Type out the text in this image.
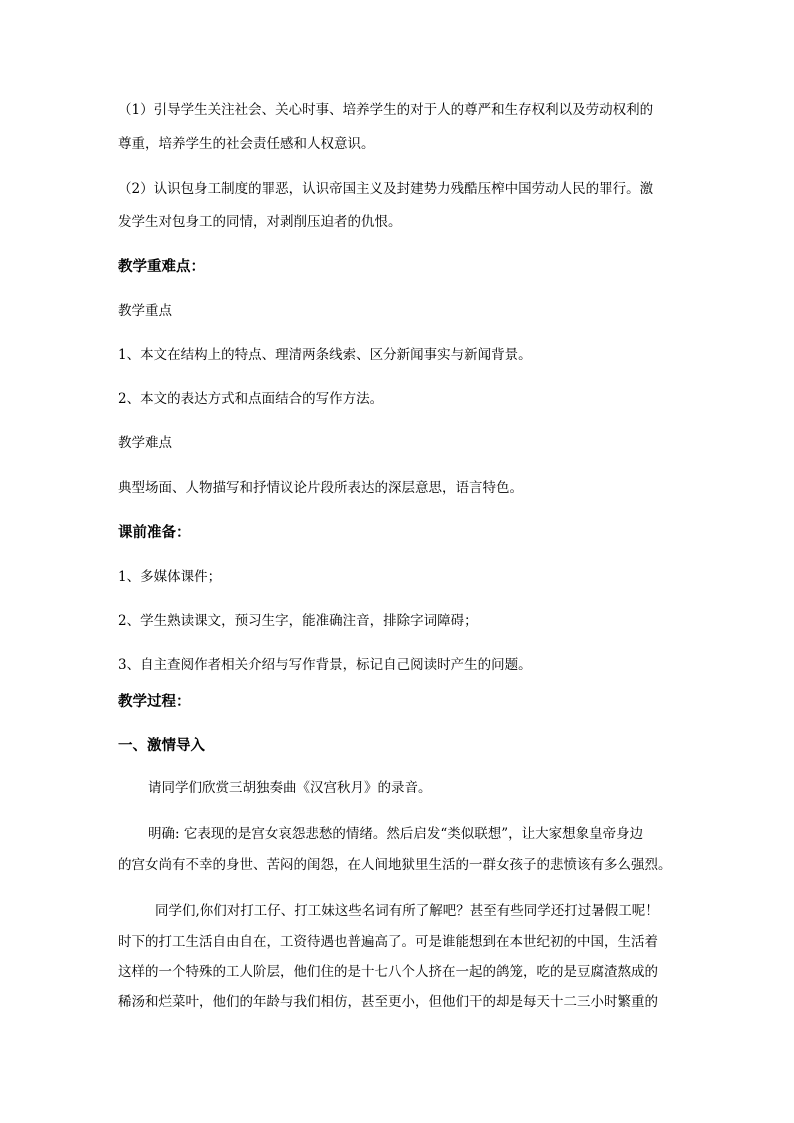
（1）引导学生关注社会、关心时事、培养学生的对于人的尊严和生存权利以及劳动权利的
尊重，培养学生的社会责任感和人权意识。
（2）认识包身工制度的罪恶，认识帝国主义及封建势力残酷压榨中国劳动人民的罪行。激
发学生对包身工的同情，对剥削压迫者的仇恨。
教学重难点：
教学重点
1、本文在结构上的特点、理清两条线索、区分新闻事实与新闻背景。
2、本文的表达方式和点面结合的写作方法。
教学难点
典型场面、人物描写和抒情议论片段所表达的深层意思，语言特色。
课前准备：
1、多媒体课件；
2、学生熟读课文，预习生字，能准确注音，排除字词障碍；
3、自主查阅作者相关介绍与写作背景，标记自己阅读时产生的问题。
教学过程：
一、激情导入
请同学们欣赏三胡独奏曲《汉宫秋月》的录音。
明确: 它表现的是宫女哀怨悲愁的情绪。然后启发“类似联想”，让大家想象皇帝身边
的宫女尚有不幸的身世、苦闷的闺怨，在人间地狱里生活的一群女孩子的悲愤该有多么强烈。
同学们,你们对打工仔、打工妹这些名词有所了解吧？甚至有些同学还打过暑假工呢！
时下的打工生活自由自在，工资待遇也普遍高了。可是谁能想到在本世纪初的中国，生活着
这样的一个特殊的工人阶层，他们住的是十七八个人挤在一起的鸽笼，吃的是豆腐渣熬成的
稀汤和烂菜叶，他们的年龄与我们相仿，甚至更小，但他们干的却是每天十二三小时繁重的
